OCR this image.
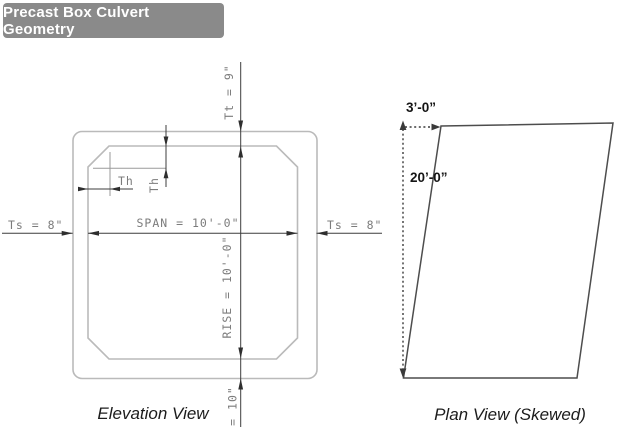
Precast Box Culvert Geometry
SPAN = 10'-0"
Ts = 8"	Ts = 8"
Th
Tt = 9"
RISE = 10'-0"
= 10"
Th
Elevation View
3’-0”
20’-0”
Plan View (Skewed)
